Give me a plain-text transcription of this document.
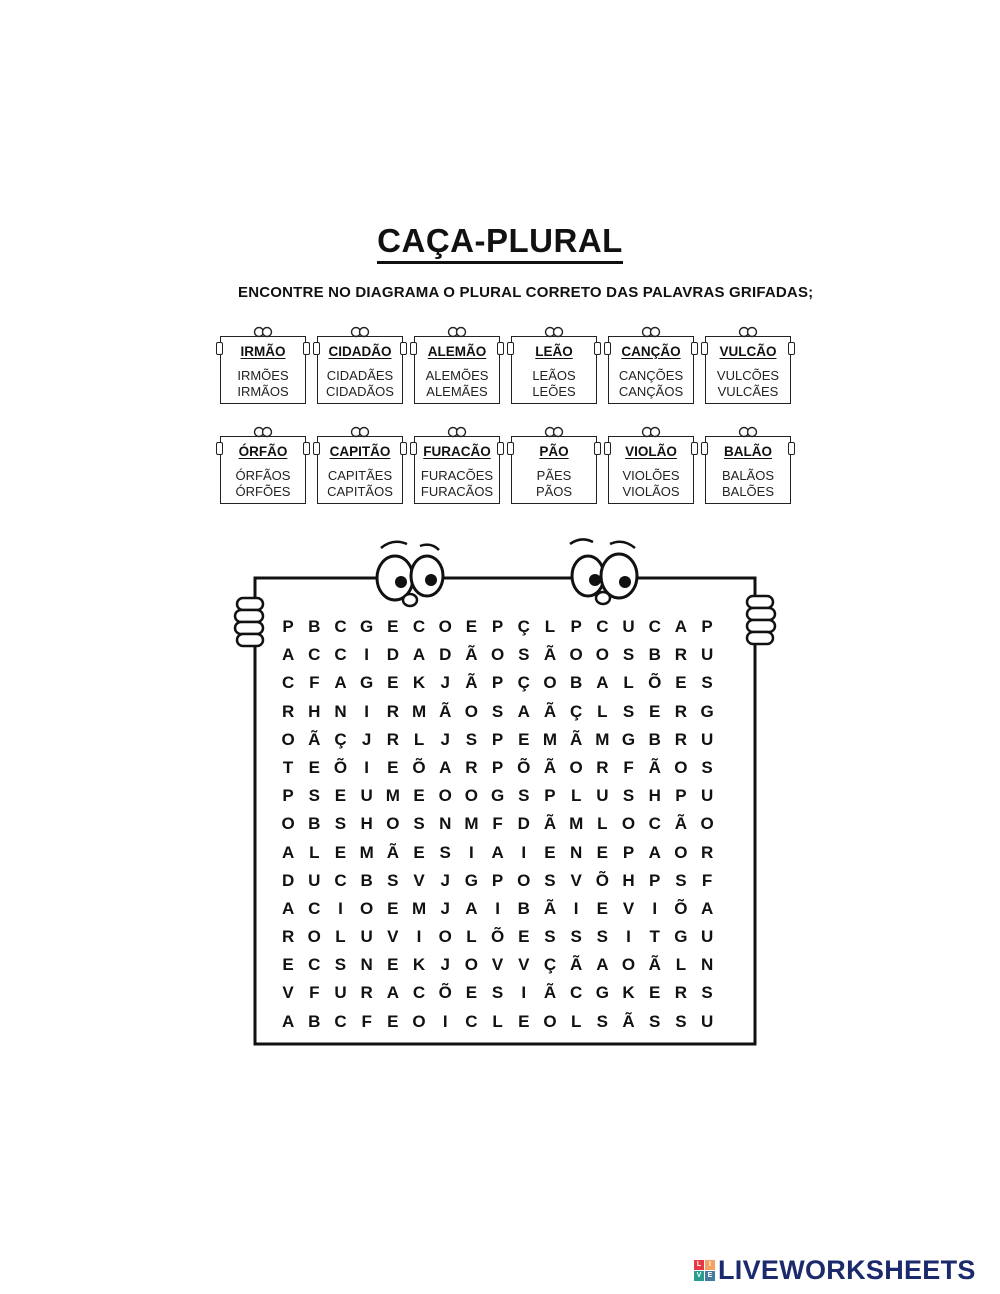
CAÇA-PLURAL
ENCONTRE NO DIAGRAMA O PLURAL CORRETO DAS PALAVRAS GRIFADAS;
IRMÃO
IRMÕES
IRMÃOS
CIDADÃO
CIDADÃES
CIDADÃOS
ALEMÃO
ALEMÕES
ALEMÃES
LEÃO
LEÃOS
LEÕES
CANÇÃO
CANÇÕES
CANÇÃOS
VULCÃO
VULCÕES
VULCÃES
ÓRFÃO
ÓRFÃOS
ÓRFÕES
CAPITÃO
CAPITÃES
CAPITÃOS
FURACÃO
FURACÕES
FURACÃOS
PÃO
PÃES
PÃOS
VIOLÃO
VIOLÕES
VIOLÃOS
BALÃO
BALÃOS
BALÕES
P B C G E C O E P Ç L P C U C A P
A C C	I	D A D Ã O S Ã O O S B R U
C F A G E K J Ã P Ç O B A L Õ E S
R H N	I	R M Ã O S A Ã Ç L S E R G
O Ã Ç J R L J S P E M Ã M G B R U
T E Õ	I	E Õ A R P Õ Ã O R F Ã O S
P S E U M E O O G S P L U S H P U
O B S H O S N M F D Ã M L O C Ã O
A L E M Ã E S	I	A	I	E N E P A O R
D U C B S V J G P O S V Õ H P S F
A C	I	O E M J A	I	B Ã	I	E V	I	Õ A
R O L U V	I	O L Õ E S S S	I	T G U
E C S N E K J O V V Ç Ã A O Ã L N
V F U R A C Õ E S	I	Ã C G K E R S
A B C F E O	I	C L E O L S Ã S S U
L	I
V E LIVEWORKSHEETS
